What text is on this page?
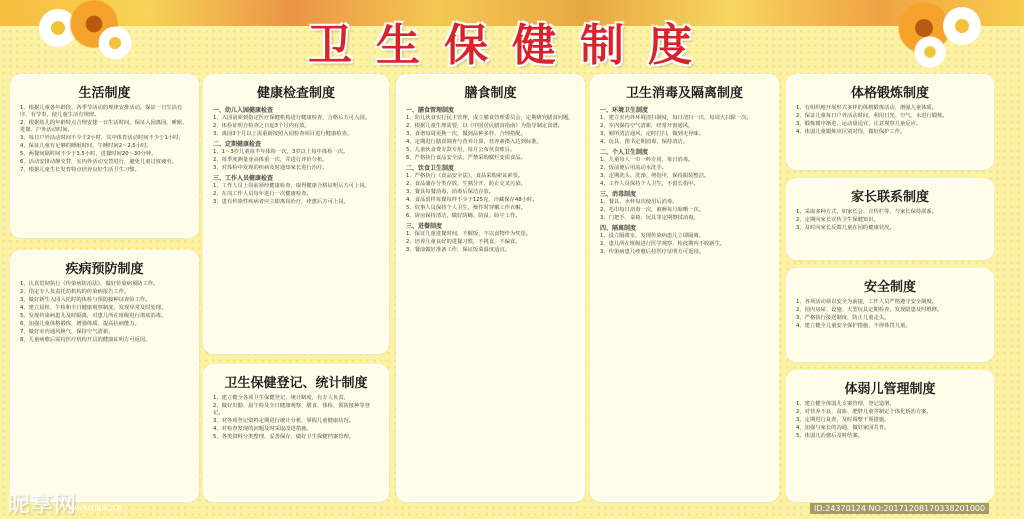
卫生保健制度
生活制度

1、根据儿童各年龄段、各季节活动的规律安排活动。保证一日生活有序、有节奏，使儿童生活有规律。

2、根据幼儿的年龄特点合理安排一日生活时间，保证入园离园、睡眠、进餐、户外活动时间。

3、每日户外活动时间不少于2小时，其中体育活动时间不少于1小时。

4、保证儿童有足够的睡眠时间，午睡时间2～2.5小时。

5、两餐间隔时间不少于3.5小时，进餐时间20～30分钟。

6、活动安排动静交替，室内外活动交替进行，避免儿童过度疲劳。

7、根据儿童生长发育特点培养良好生活卫生习惯。

疾病预防制度

1、认真贯彻执行《传染病防治法》，做好传染病预防工作。

2、指定专人负责托幼机构的传染病报告工作。

3、做好新生入园入托时的体检与预防接种证查验工作。

4、建立晨检、午检和全日健康观察制度，发现异常及时处理。

5、发现传染病患儿及时隔离，对患儿所在班级进行彻底消毒。

6、加强儿童体格锻炼，增强体质，提高抗病能力。

7、做好室内通风换气，保持空气清新。

8、儿童病愈后需持医疗机构开具的健康证明方可返园。

健康检查制度
一、幼儿入园健康检查

1、入园前须到指定医疗保健机构进行健康检查，合格后方可入园。

2、体检证明自检查之日起3个月内有效。

3、离园3个月以上需重新按照入园检查项目进行健康检查。

二、定期健康检查

1、1～3岁儿童每半年体检一次，3岁以上每年体检一次。

2、每季度测量身高体重一次，并进行评价分析。

3、对体检中发现的疾病及时通知家长进行治疗。

三、工作人员健康检查

1、工作人员上岗前须经健康检查，取得健康合格证明后方可上岗。

2、在岗工作人员每年进行一次健康检查。

3、患有传染性疾病者应立即离岗治疗，痊愈后方可上岗。

卫生保健登记、统计制度

1、建立健全各项卫生保健登记、统计制度，有专人负责。

2、做好出勤、晨午检及全日健康观察、膳食、体检、预防接种等登记。

3、对各项登记资料定期进行统计分析，掌握儿童健康状况。

4、对检查发现的问题及时采取改进措施。

5、各类资料分类整理、妥善保存，做好卫生保健档案管理。

膳食制度
一、膳食管理制度

1、幼儿伙食实行民主管理，成立膳食管理委员会，定期研究膳食问题。

2、根据儿童生理需要，以《中国居民膳食指南》为指导制定食谱。

3、食谱每周更换一次，做到品种多样、合理搭配。

4、定期进行膳食调查与营养计算，营养素摄入达到标准。

5、儿童伙食费专款专用，每月公布伙食账目。

6、严格执行食品安全法，严禁采购腐烂变质食品。

二、饮食卫生制度

1、严格执行《食品安全法》，食品采购索证索票。

2、食品储存分类存放，生熟分开，防止交叉污染。

3、餐具每餐消毒，消毒后保洁存放。

4、食品留样每餐每样不少于125克，冷藏保存48小时。

5、炊事人员保持个人卫生，操作时穿戴工作衣帽。

6、厨房保持清洁，做好防蝇、防鼠、防尘工作。

三、进餐制度

1、保证儿童进餐时间，不催饭，不以食物作为奖惩。

2、培养儿童良好的进餐习惯，不挑食，不偏食。

3、餐前做好准备工作，保证饭菜温度适宜。

卫生消毒及隔离制度
一、环境卫生制度

1、建立室内外环境清扫制度，每日清扫一次，每周大扫除一次。

2、室内保持空气清新，经常开窗通风。

3、厕所清洁通风，定时打扫，做到无异味。

4、玩具、图书定期消毒，保持清洁。

二、个人卫生制度

1、儿童每人一巾一杯专用，每日消毒。

2、饭前便后用流动水洗手。

3、定期洗头、洗澡、剪指甲，保持服装整洁。

4、工作人员保持个人卫生，不留长指甲。

三、消毒制度

1、餐具、水杯每次使用后消毒。

2、毛巾每日消毒一次，被褥每月晾晒一次。

3、门把手、桌椅、玩具等定期擦拭消毒。

四、隔离制度

1、设立隔离室，发现传染病患儿立即隔离。

2、患儿所在班级进行医学观察，检疫期内不收新生。

3、传染病患儿痊愈后持医疗证明方可返园。

体格锻炼制度

1、有组织地开展形式多样的体格锻炼活动，增强儿童体质。

2、保证儿童每日户外活动时间，利用日光、空气、水进行锻炼。

3、锻炼循序渐进，运动量适宜，注意观察儿童反应。

4、体弱儿童锻炼应区别对待，做好保护工作。

家长联系制度

1、采取多种方式，如家长会、宣传栏等，与家长保持联系。

2、定期向家长宣传卫生保健知识。

3、及时向家长反馈儿童在园的健康状况。

安全制度

1、各项活动须以安全为前提，工作人员严格遵守安全制度。

2、园内房屋、设施、大型玩具定期检查，发现隐患及时维修。

3、严格执行接送制度，防止儿童走失。

4、建立健全儿童安全保护措施，不得体罚儿童。

体弱儿管理制度

1、建立健全体弱儿专案管理，登记造册。

2、对营养不良、贫血、肥胖儿童等制定个体化矫治方案。

3、定期进行复查，及时调整干预措施。

4、加强与家长的沟通，做好家园共育。

5、体弱儿治愈后及时结案。

昵享网
www.nipic.cn	ID:24370124 NO:20171208170338201000
